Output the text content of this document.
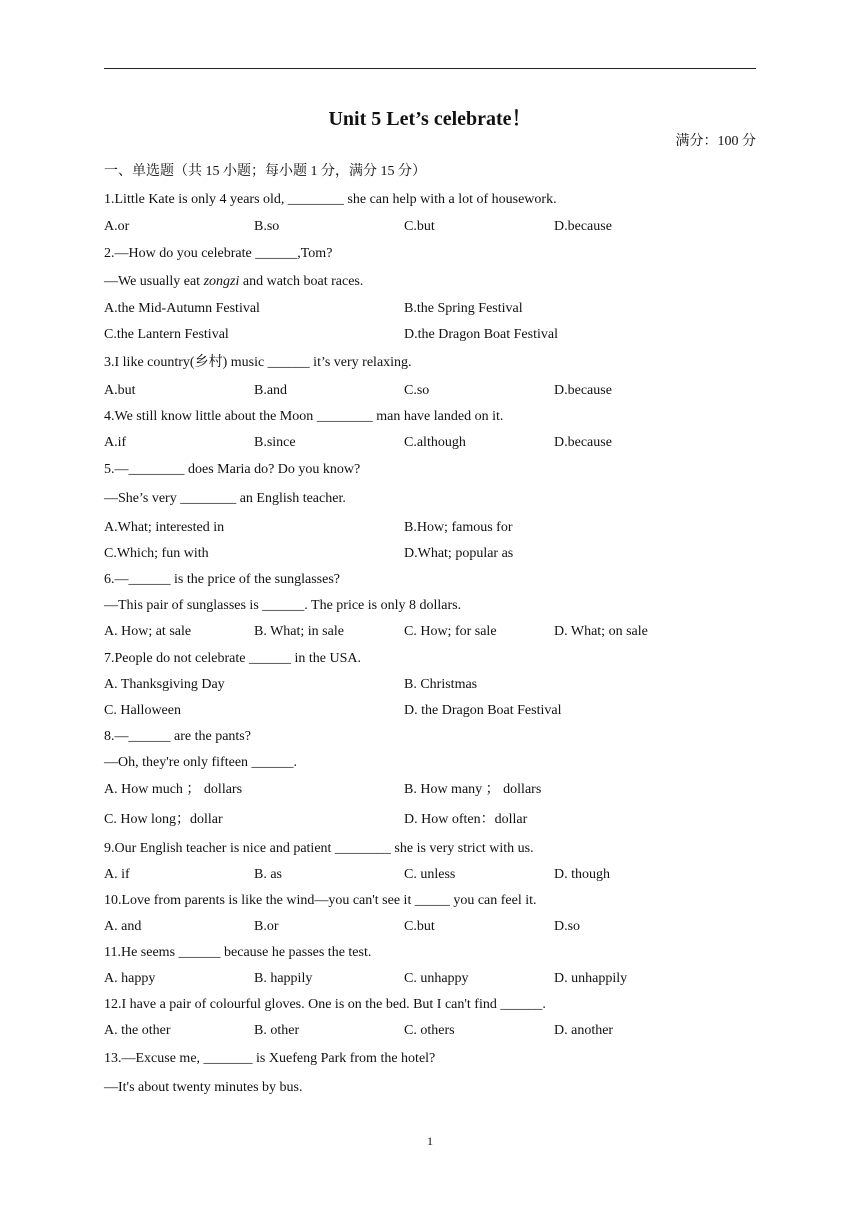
Unit 5 Let’s celebrate！
满分：100 分
一、单选题（共 15 小题；每小题 1 分，满分 15 分）
1.Little Kate is only 4 years old, ________ she can help with a lot of housework.
A.or	B.so	C.but	D.because
2.—How do you celebrate ______,Tom?
—We usually eat zongzi and watch boat races.
A.the Mid-Autumn Festival	B.the Spring Festival
C.the Lantern Festival	D.the Dragon Boat Festival
3.I like country(乡村) music ______ it’s very relaxing.
A.but	B.and	C.so	D.because
4.We still know little about the Moon ________ man have landed on it.
A.if	B.since	C.although	D.because
5.—________ does Maria do? Do you know?
—She’s very ________ an English teacher.
A.What; interested in	B.How; famous for
C.Which; fun with	D.What; popular as
6.—______ is the price of the sunglasses?
—This pair of sunglasses is ______. The price is only 8 dollars.
A. How; at sale	B. What; in sale	C. How; for sale	D. What; on sale
7.People do not celebrate ______ in the USA.
A. Thanksgiving Day	B. Christmas
C. Halloween	D. the Dragon Boat Festival
8.—______ are the pants?
—Oh, they're only fifteen ______.
A. How much ； dollars	B. How many ； dollars
C. How long；dollar	D. How often：dollar
9.Our English teacher is nice and patient ________ she is very strict with us.
A. if	B. as	C. unless	D. though
10.Love from parents is like the wind—you can't see it _____ you can feel it.
A. and	B.or	C.but	D.so
11.He seems ______ because he passes the test.
A. happy	B. happily	C. unhappy	D. unhappily
12.I have a pair of colourful gloves. One is on the bed. But I can't find ______.
A. the other	B. other	C. others	D. another
13.—Excuse me, _______ is Xuefeng Park from the hotel?
—It's about twenty minutes by bus.
1
